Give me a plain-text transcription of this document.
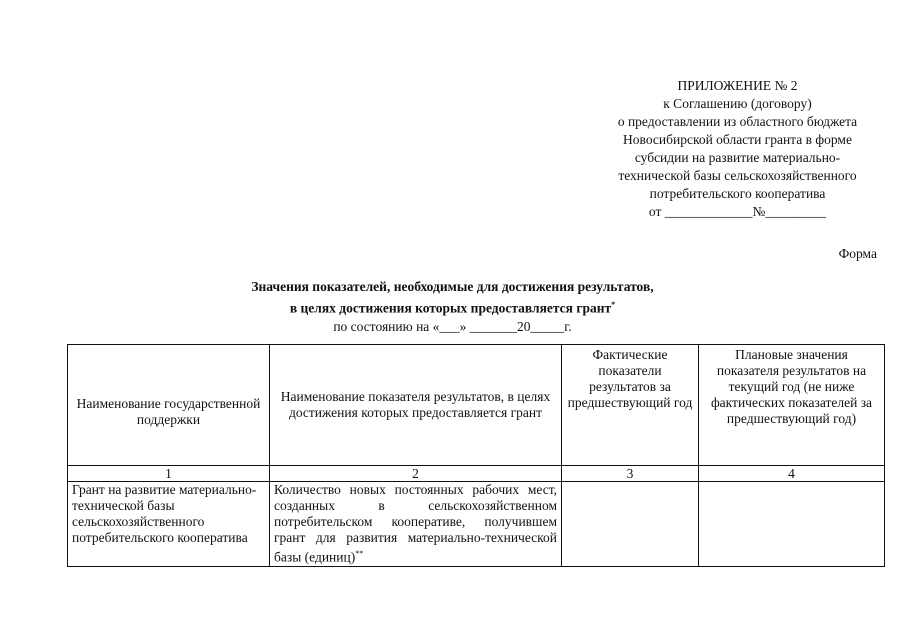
ПРИЛОЖЕНИЕ № 2
к Соглашению (договору)
о предоставлении из областного бюджета
Новосибирской области гранта в форме
субсидии на развитие материально-
технической базы сельскохозяйственного
потребительского кооператива
от _____________№_________
Форма
Значения показателей, необходимые для достижения результатов,
в целях достижения которых предоставляется грант*
по состоянию на «___» _______20_____г.
Наименование государственной поддержки	Наименование показателя результатов, в целях достижения которых предоставляется грант	Фактические показатели результатов за предшествующий год	Плановые значения показателя результатов на текущий год (не ниже фактических показателей за предшествующий год)
1	2	3	4
Грант на развитие материально-технической базы сельскохозяйственного потребительского кооператива	Количество новых постоянных рабочих мест, созданных в сельскохозяйственном потребительском кооперативе, получившем грант для развития материально-технической базы (единиц)**		
